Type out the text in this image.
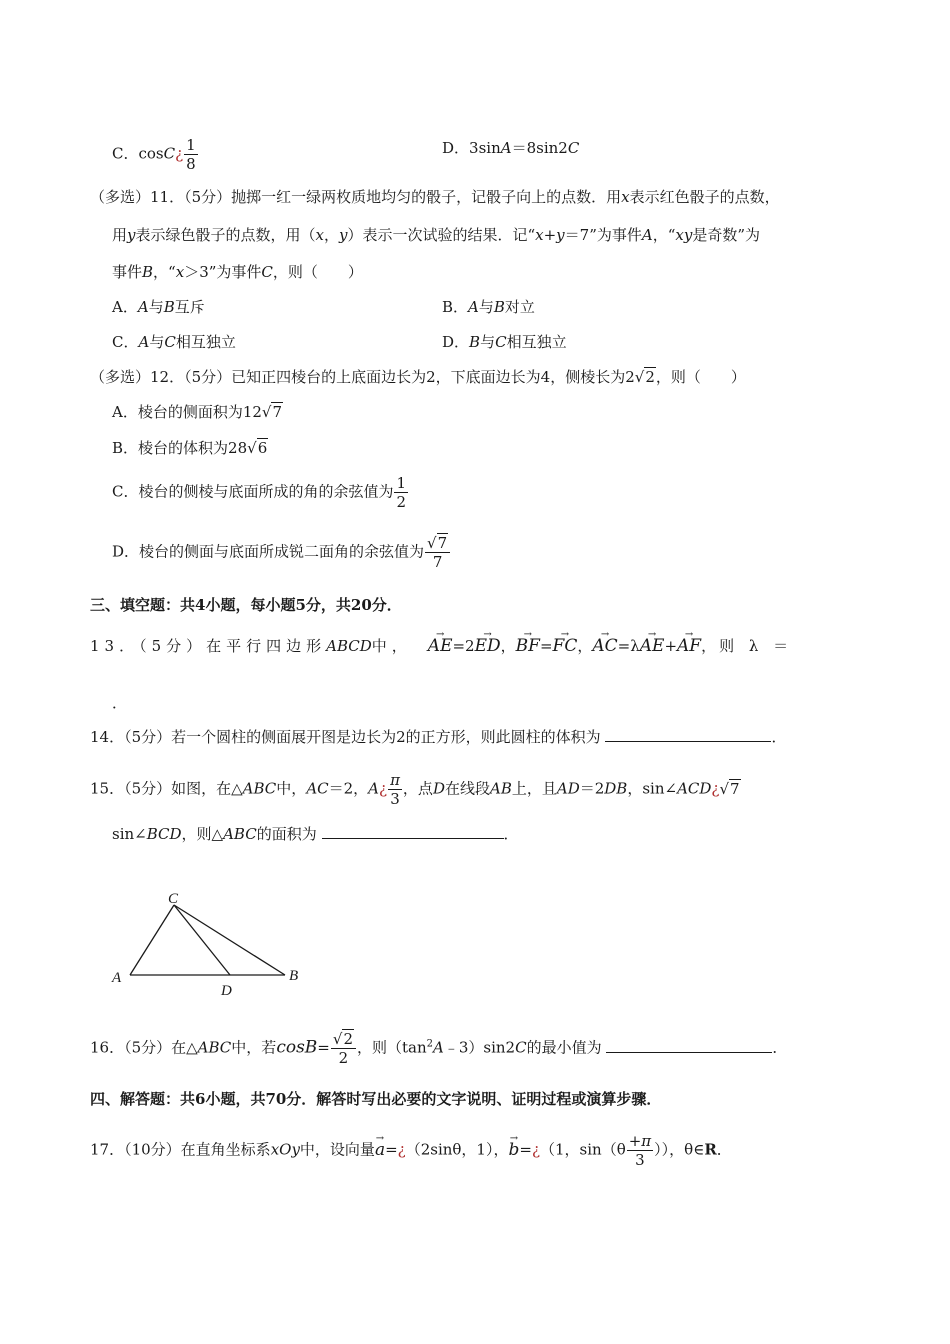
C．cosC¿ $\frac{1}{8}$	D．3sinA＝8sin2C
（多选）11．（5分）抛掷一红一绿两枚质地均匀的骰子，记骰子向上的点数．用x表示红色骰子的点数，
用y表示绿色骰子的点数，用（x，y）表示一次试验的结果．记“x+y＝7”为事件A，“xy是奇数”为
事件B，“x＞3”为事件C，则（　　）
A．A与B互斥	B．A与B对立
C．A与C相互独立	D．B与C相互独立
（多选）12．（5分）已知正四棱台的上底面边长为2，下底面边长为4，侧棱长为2√2，则（　　）
A．棱台的侧面积为12√7
B．棱台的体积为28√6
C．棱台的侧棱与底面所成的角的余弦值为 $\frac{1}{2}$
D．棱台的侧面与底面所成锐二面角的余弦值为 $\frac{√7}{7}$
三、填空题：共4小题，每小题5分，共20分．
13．（5分）在平行四边形ABCD中，→ AE=2→ ED，→ BF=→ FC，→ AC=λ→ AE+→ AF，则 λ ＝
．
14．（5分）若一个圆柱的侧面展开图是边长为2的正方形，则此圆柱的体积为	．
15．（5分）如图，在△ABC中，AC＝2，A¿ $\frac{\pi}{3}$ ，点D在线段AB上，且AD＝2DB，sin∠ACD¿√7
sin∠BCD，则△ABC的面积为	．
A	B
C
D
16．（5分）在△ABC中，若$\cos B= \frac{√2}{2}$ ，则$(\tan^2A﹣3)\sin 2C$的最小值为	．
四、解答题：共6小题，共70分．解答时写出必要的文字说明、证明过程或演算步骤．
17．（10分）在直角坐标系xOy中，设向量→ a=¿（2sinθ，1），→ b=¿（1，$\sin(\theta \frac{+\pi}{3}$ ）），θ∈R．
